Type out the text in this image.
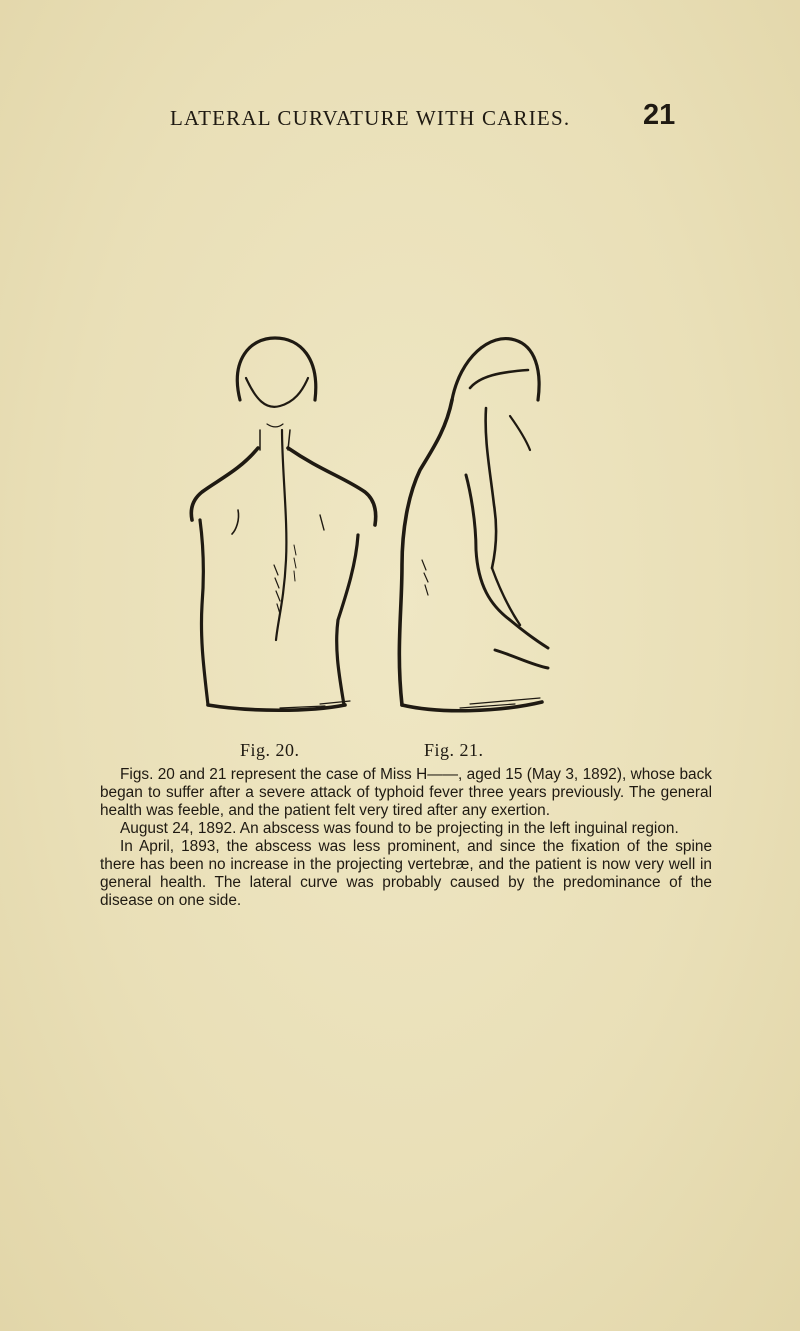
LATERAL CURVATURE WITH CARIES.	21
Fig. 20.	Fig. 21.

Figs. 20 and 21 represent the case of Miss H——, aged 15 (May 3, 1892), whose back began to suffer after a severe attack of typhoid fever three years previously. The general health was feeble, and the patient felt very tired after any exertion.

August 24, 1892. An abscess was found to be projecting in the left inguinal region.

In April, 1893, the abscess was less prominent, and since the fixation of the spine there has been no increase in the projecting vertebræ, and the patient is now very well in general health. The lateral curve was probably caused by the predominance of the disease on one side.
